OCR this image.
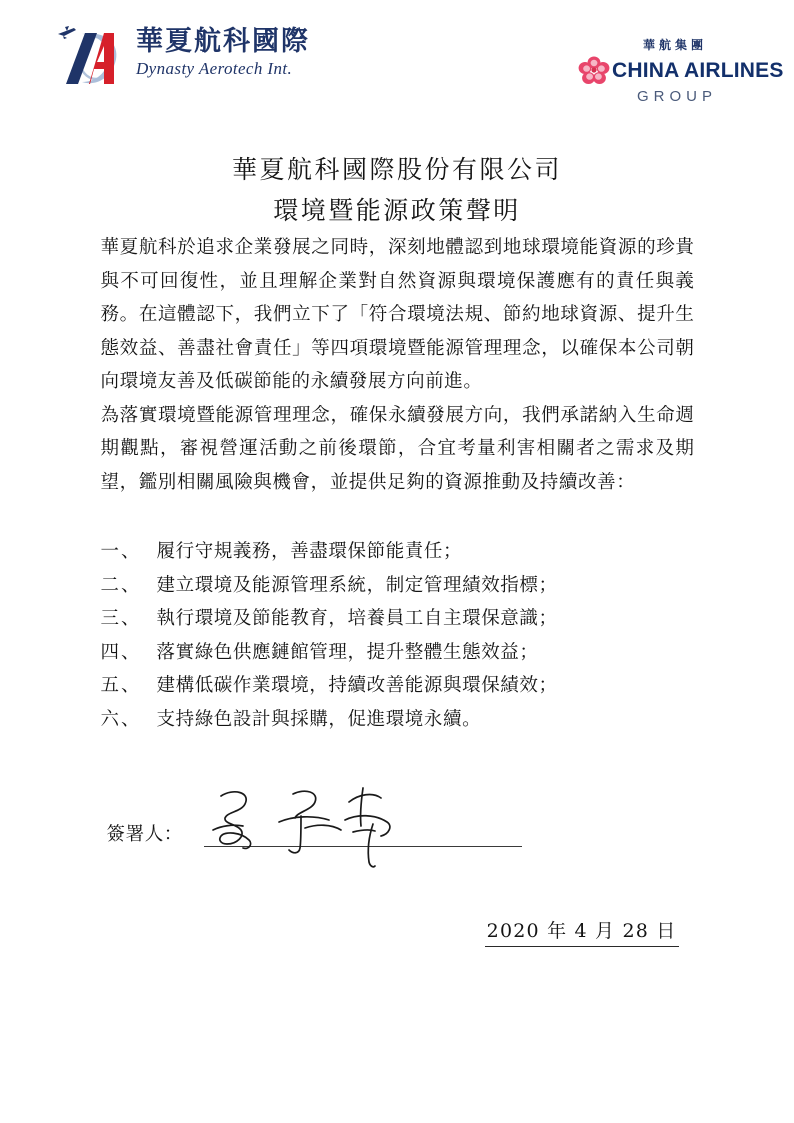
華夏航科國際
Dynasty Aerotech Int.
華航集團
CHINA AIRLINES
GROUP
華夏航科國際股份有限公司
環境暨能源政策聲明

華夏航科於追求企業發展之同時，深刻地體認到地球環境能資源的珍貴與不可回復性，並且理解企業對自然資源與環境保護應有的責任與義務。在這體認下，我們立下了「符合環境法規、節約地球資源、提升生態效益、善盡社會責任」等四項環境暨能源管理理念，以確保本公司朝向環境友善及低碳節能的永續發展方向前進。

為落實環境暨能源管理理念，確保永續發展方向，我們承諾納入生命週期觀點，審視營運活動之前後環節，合宜考量利害相關者之需求及期望，鑑別相關風險與機會，並提供足夠的資源推動及持續改善：

一、 履行守規義務，善盡環保節能責任；
二、 建立環境及能源管理系統，制定管理績效指標；
三、 執行環境及節能教育，培養員工自主環保意識；
四、 落實綠色供應鏈館管理，提升整體生態效益；
五、 建構低碳作業環境，持續改善能源與環保績效；
六、 支持綠色設計與採購，促進環境永續。
簽署人：
2020 年 4 月 28 日
